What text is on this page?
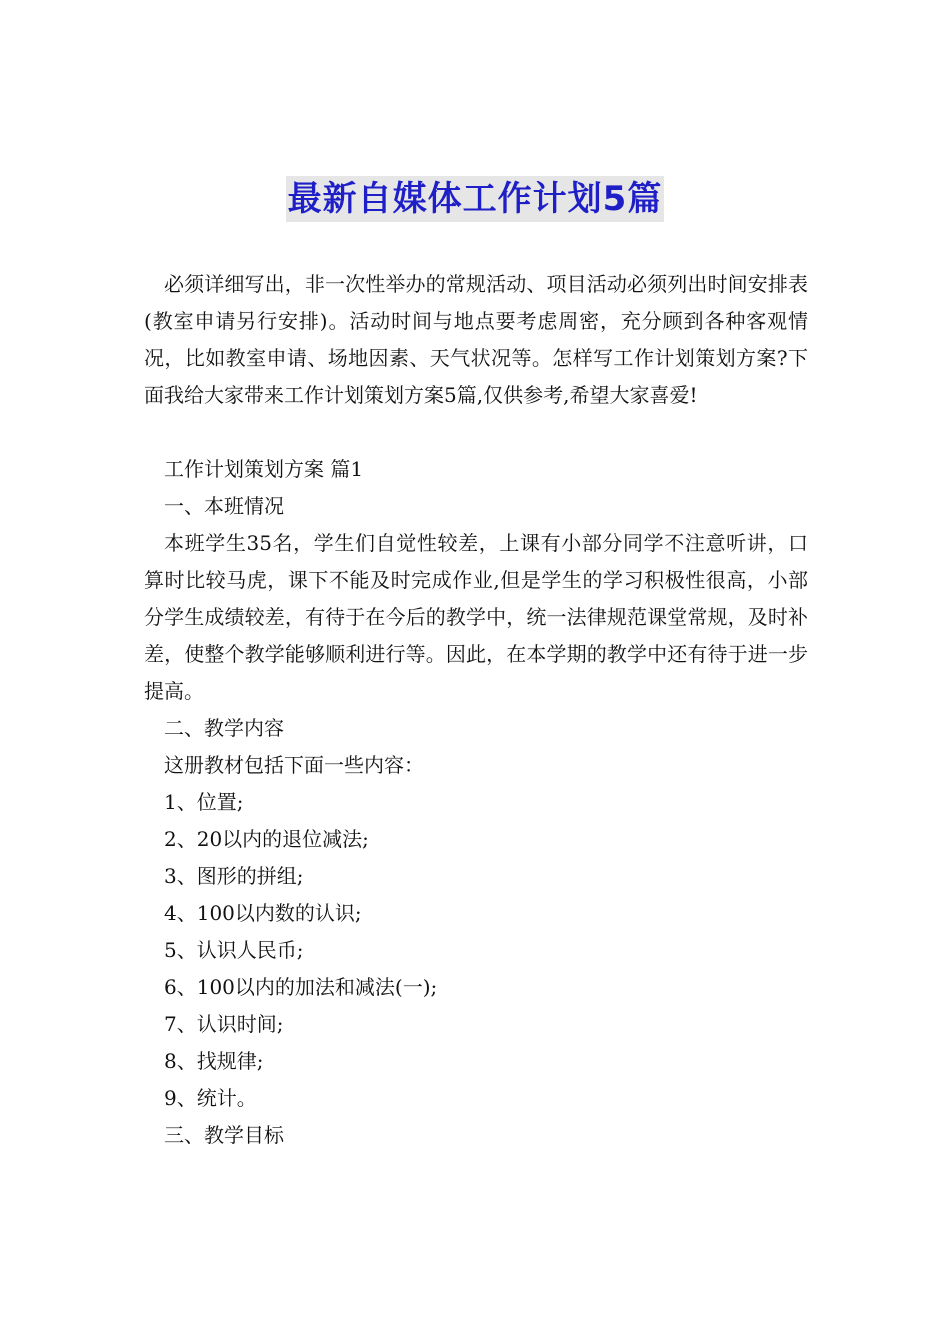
最新自媒体工作计划5篇

必须详细写出，非一次性举办的常规活动、项目活动必须列出时间安排表(教室申请另行安排)。活动时间与地点要考虑周密，充分顾到各种客观情况，比如教室申请、场地因素、天气状况等。怎样写工作计划策划方案?下面我给大家带来工作计划策划方案5篇,仅供参考,希望大家喜爱!

工作计划策划方案 篇1

一、本班情况

本班学生35名，学生们自觉性较差，上课有小部分同学不注意听讲，口算时比较马虎，课下不能及时完成作业,但是学生的学习积极性很高，小部分学生成绩较差，有待于在今后的教学中，统一法律规范课堂常规，及时补差，使整个教学能够顺利进行等。因此，在本学期的教学中还有待于进一步提高。

二、教学内容

这册教材包括下面一些内容：

1、位置;

2、20以内的退位减法;

3、图形的拼组;

4、100以内数的认识;

5、认识人民币;

6、100以内的加法和减法(一);

7、认识时间;

8、找规律;

9、统计。

三、教学目标
